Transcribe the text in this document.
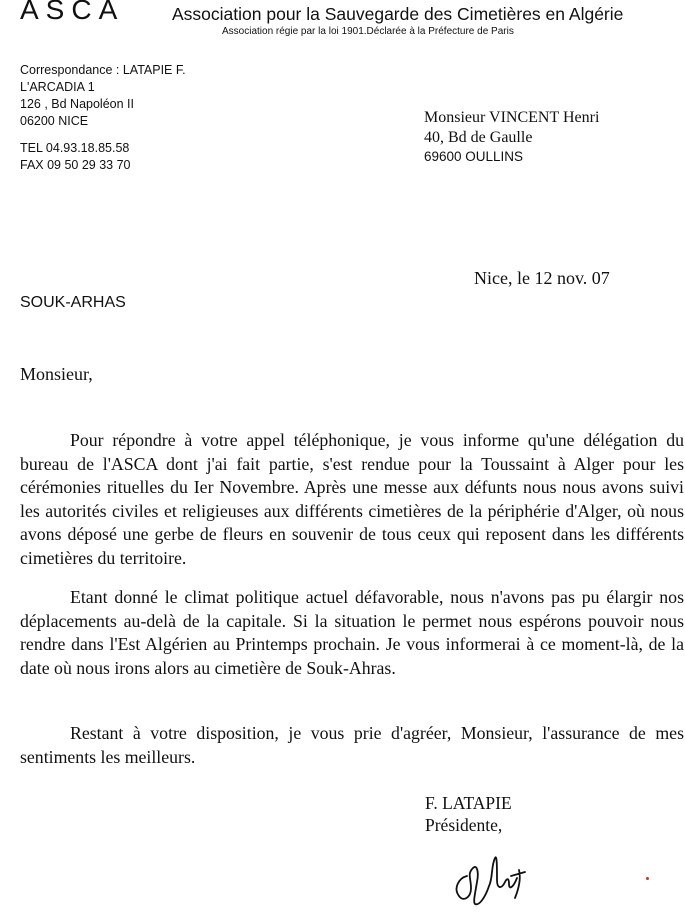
ASCA	Association pour la Sauvegarde des Cimetières en Algérie
Association régie par la loi 1901.Déclarée à la Préfecture de Paris
Correspondance : LATAPIE F.
L'ARCADIA 1
126 , Bd Napoléon II
06200 NICE
TEL 04.93.18.85.58
FAX 09 50 29 33 70
Monsieur VINCENT Henri
40, Bd de Gaulle
69600 OULLINS
Nice, le 12 nov. 07
SOUK-ARHAS
Monsieur,
Pour répondre à votre appel téléphonique, je vous informe qu'une délégation du bureau de l'ASCA dont j'ai fait partie, s'est rendue pour la Toussaint à Alger pour les cérémonies rituelles du Ier Novembre. Après une messe aux défunts nous nous avons suivi les autorités civiles et religieuses aux différents cimetières de la périphérie d'Alger, où nous avons déposé une gerbe de fleurs en souvenir de tous ceux qui reposent dans les différents cimetières du territoire.
Etant donné le climat politique actuel défavorable, nous n'avons pas pu élargir nos déplacements au-delà de la capitale. Si la situation le permet nous espérons pouvoir nous rendre dans l'Est Algérien au Printemps prochain. Je vous informerai à ce moment-là, de la date où nous irons alors au cimetière de Souk-Ahras.
Restant à votre disposition, je vous prie d'agréer, Monsieur, l'assurance de mes sentiments les meilleurs.
F. LATAPIE
Présidente,
